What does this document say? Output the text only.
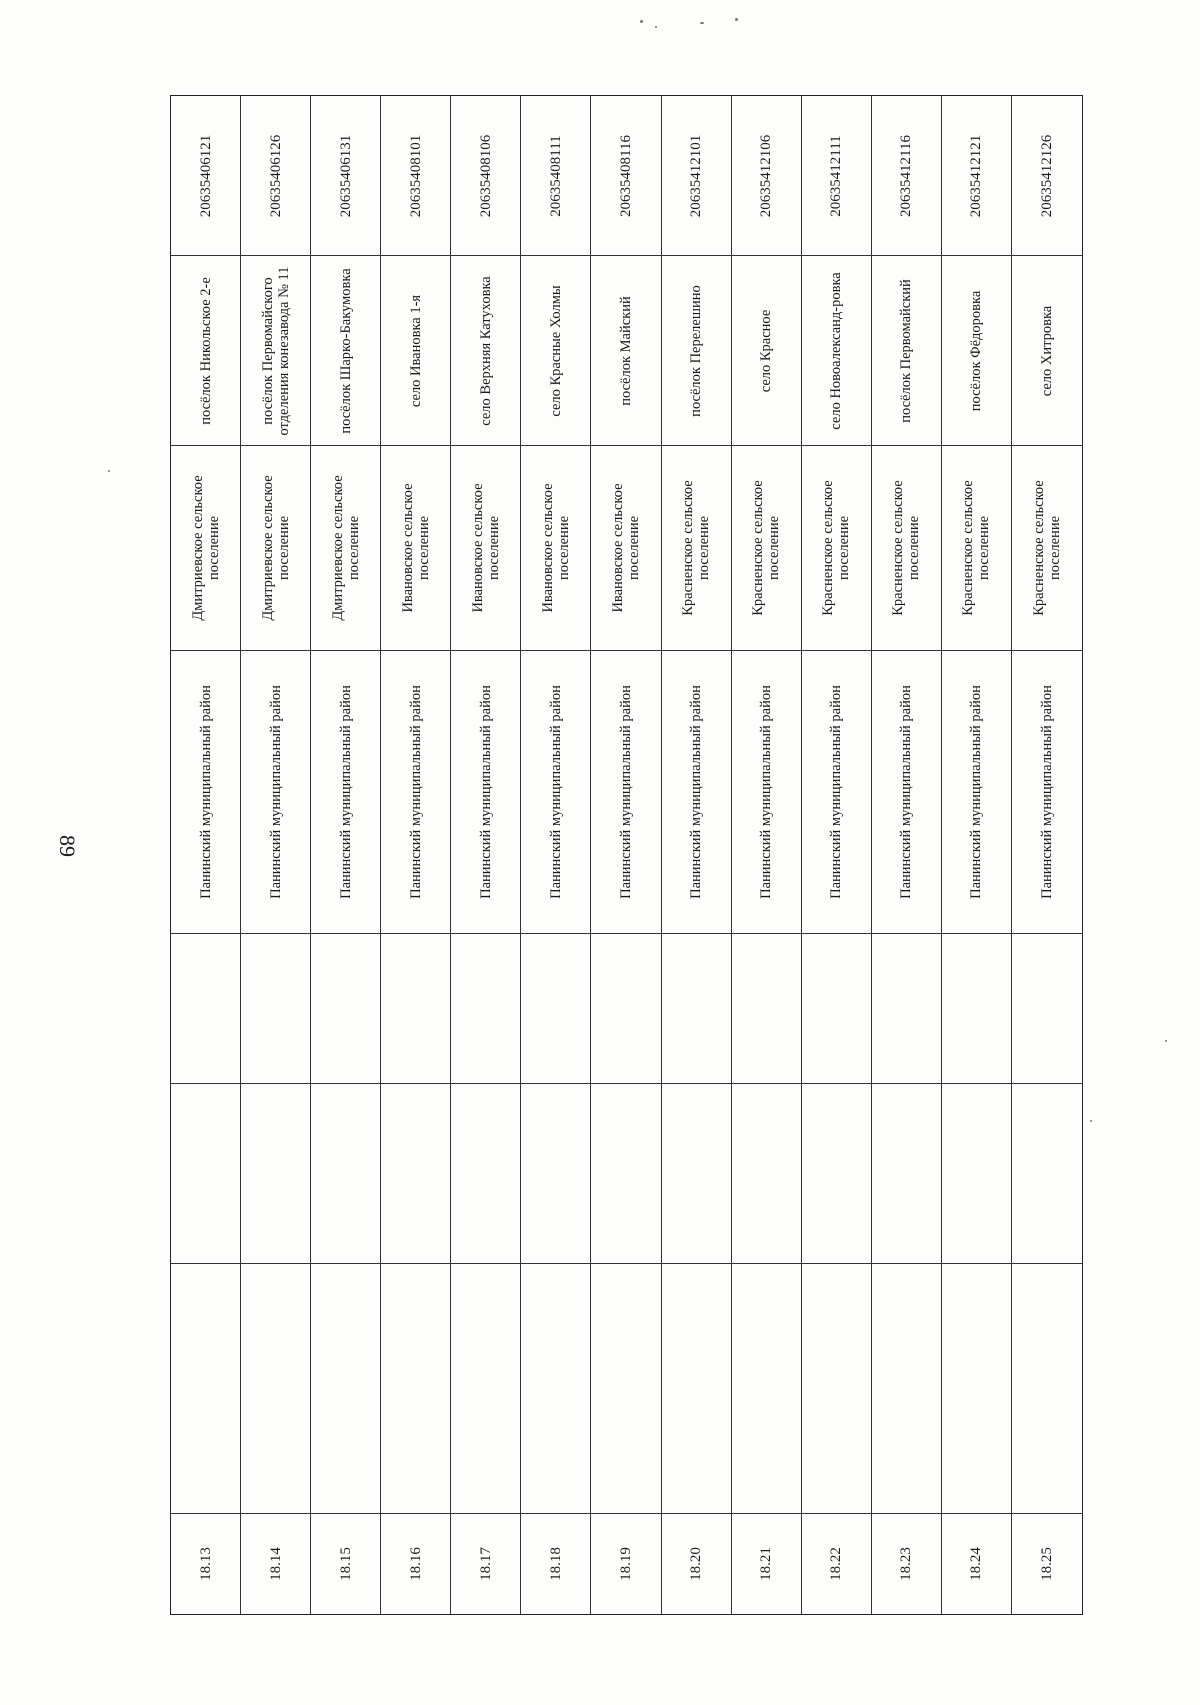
89
20635406121
посёлок Никольское 2-е
Дмитриевское сельское поселение
Панинский муниципальный район
18.13
20635406126
посёлок Первомайского отделения конезавода № 11
Дмитриевское сельское поселение
Панинский муниципальный район
18.14
20635406131
посёлок Шарко-Бакумовка
Дмитриевское сельское поселение
Панинский муниципальный район
18.15
20635408101
село Ивановка 1-я
Ивановское сельское поселение
Панинский муниципальный район
18.16
20635408106
село Верхняя Катуховка
Ивановское сельское поселение
Панинский муниципальный район
18.17
20635408111
село Красные Холмы
Ивановское сельское поселение
Панинский муниципальный район
18.18
20635408116
посёлок Майский
Ивановское сельское поселение
Панинский муниципальный район
18.19
20635412101
посёлок Перелешино
Красненское сельское поселение
Панинский муниципальный район
18.20
20635412106
село Красное
Красненское сельское поселение
Панинский муниципальный район
18.21
20635412111
село Новоалександ-ровка
Красненское сельское поселение
Панинский муниципальный район
18.22
20635412116
посёлок Первомайский
Красненское сельское поселение
Панинский муниципальный район
18.23
20635412121
посёлок Фёдоровка
Красненское сельское поселение
Панинский муниципальный район
18.24
20635412126
село Хитровка
Красненское сельское поселение
Панинский муниципальный район
18.25
